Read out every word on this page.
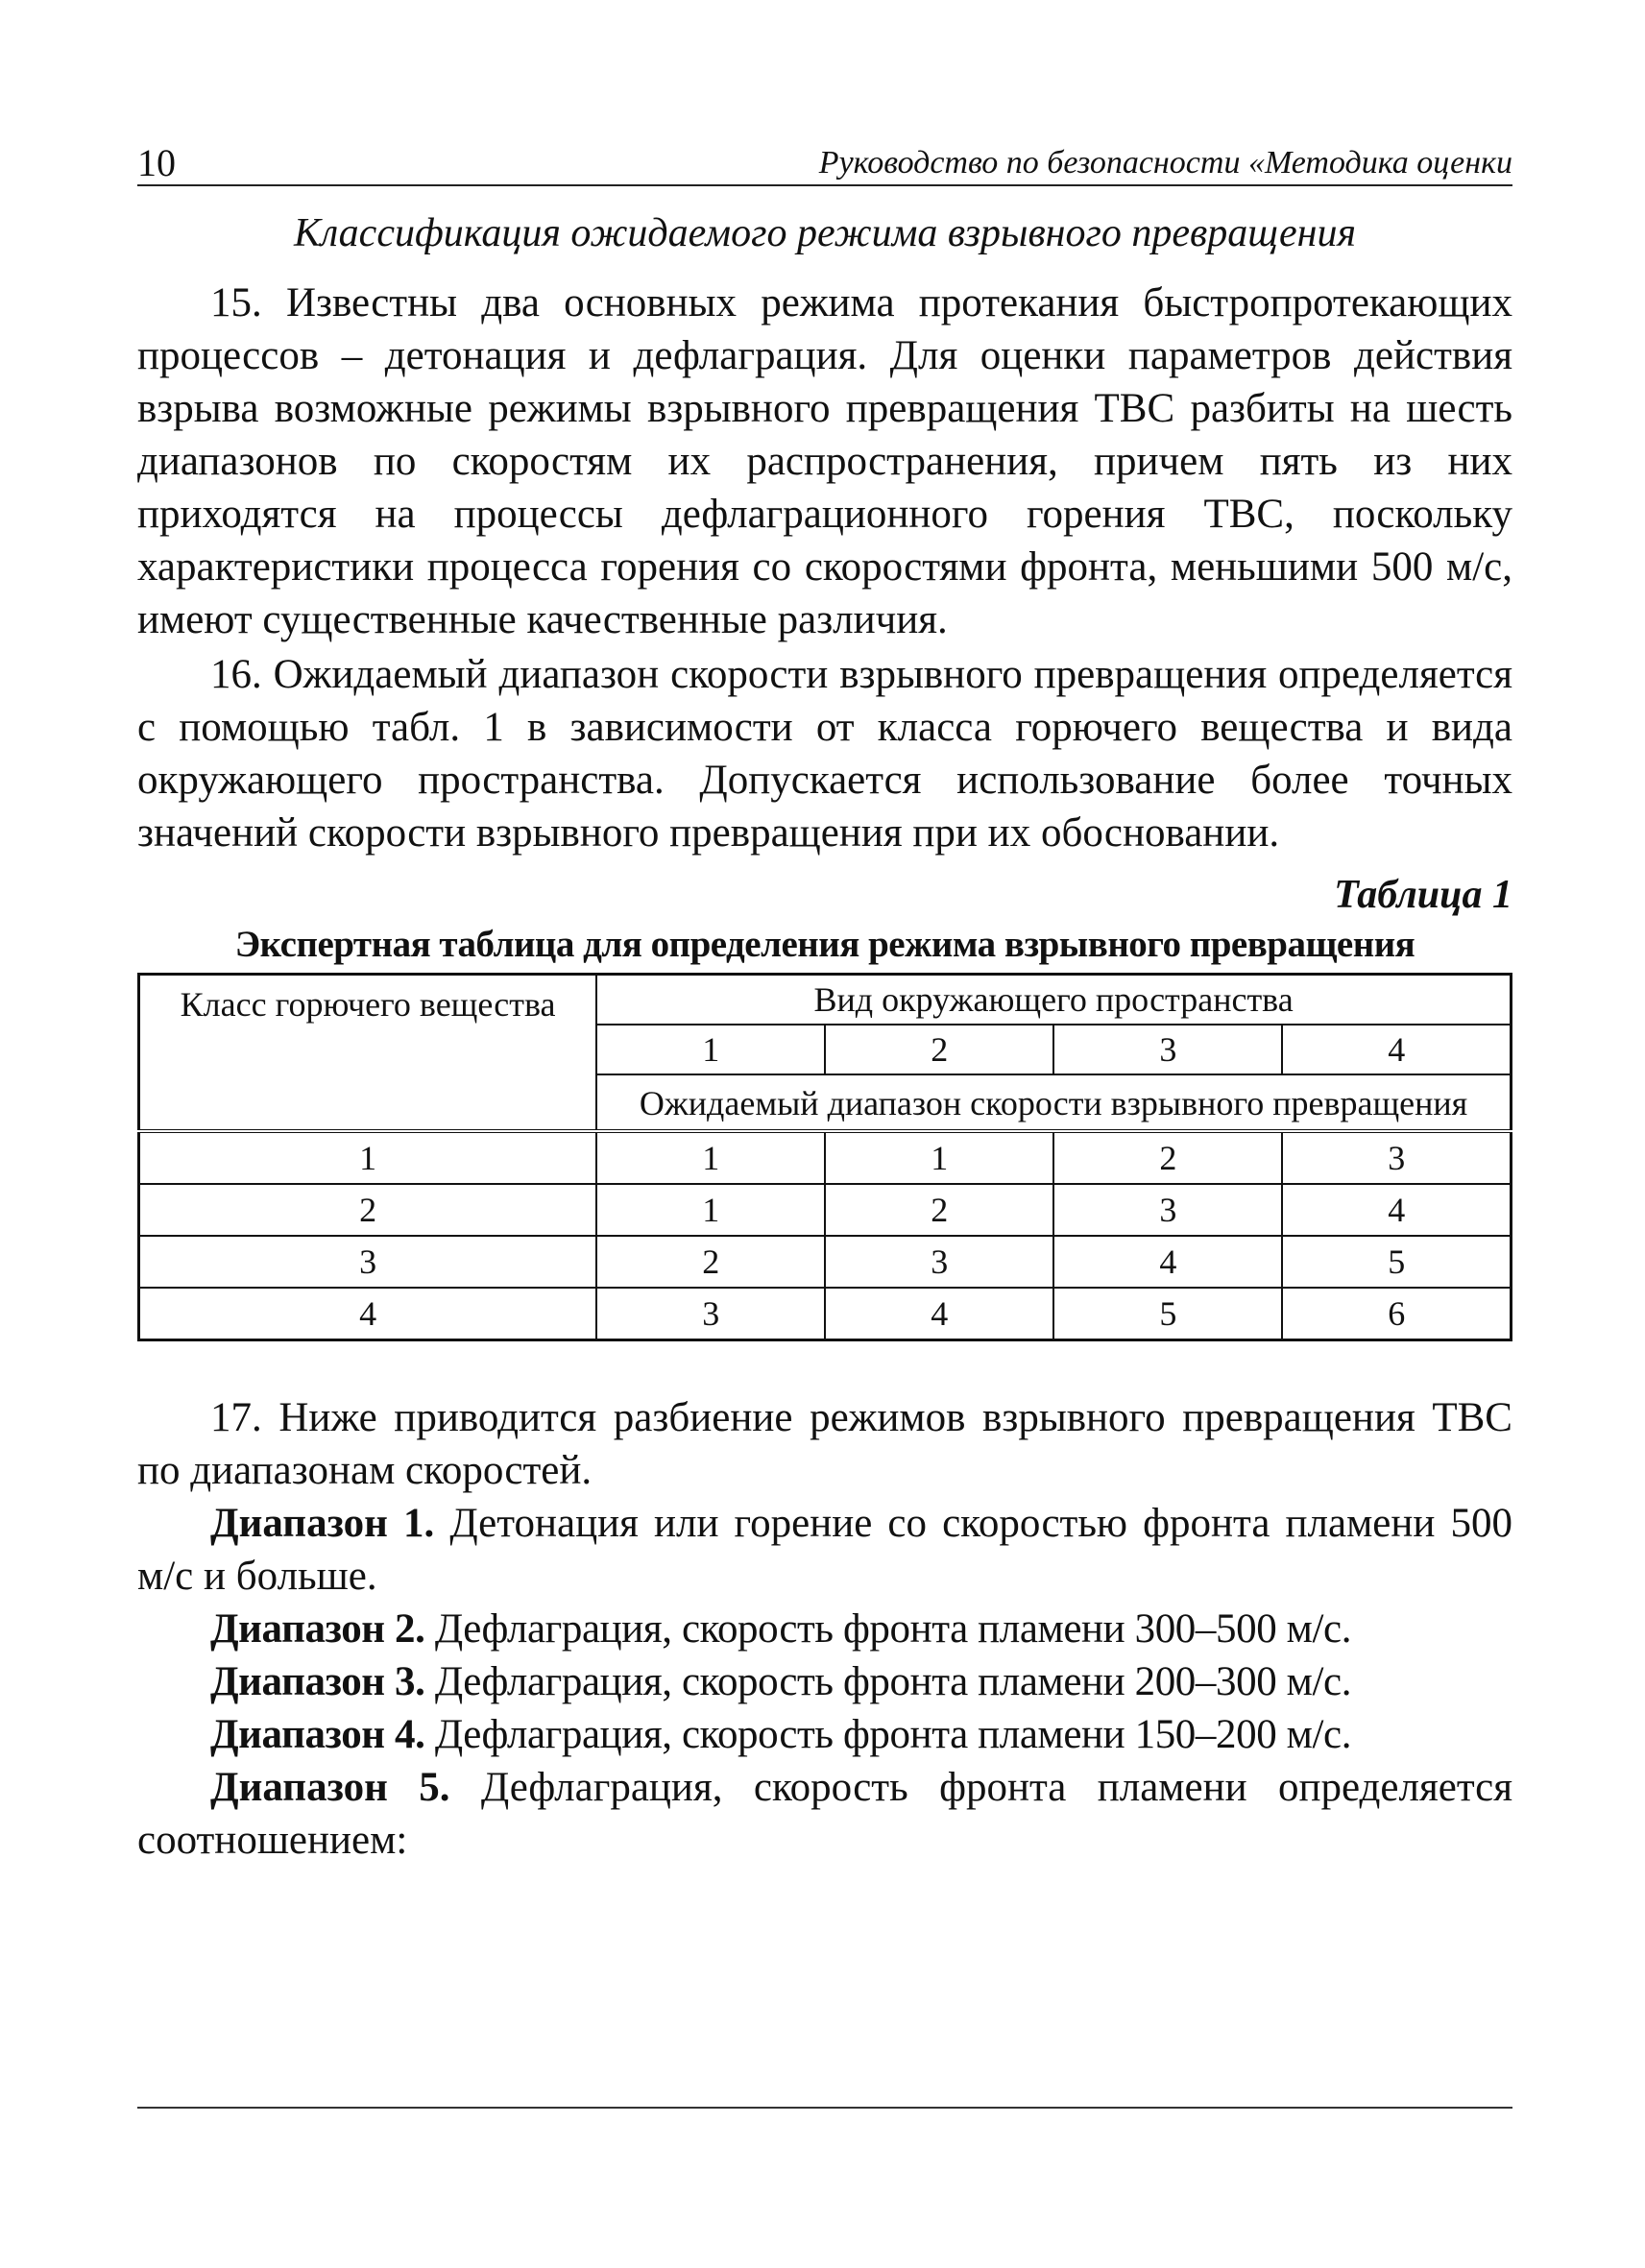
10	Руководство по безопасности «Методика оценки
Классификация ожидаемого режима взрывного превращения

15. Известны два основных режима протекания быстропротекающих процессов – детонация и дефлаграция. Для оценки параметров действия взрыва возможные режимы взрывного превращения ТВС разбиты на шесть диапазонов по скоростям их распространения, причем пять из них приходятся на процессы дефлаграционного горения ТВС, поскольку характеристики процесса горения со скоростями фронта, меньшими 500 м/с, имеют существенные качественные различия.

16. Ожидаемый диапазон скорости взрывного превращения определяется с помощью табл. 1 в зависимости от класса горючего вещества и вида окружающего пространства. Допускается использование более точных значений скорости взрывного превращения при их обосновании.

Таблица 1
Экспертная таблица для определения режима взрывного превращения
Класс горючего вещества	Вид окружающего пространства			
	1	2	3	4
	Ожидаемый диапазон скорости взрывного превращения			
1	1	1	2	3
2	1	2	3	4
3	2	3	4	5
4	3	4	5	6

17. Ниже приводится разбиение режимов взрывного превращения ТВС по диапазонам скоростей.

Диапазон 1. Детонация или горение со скоростью фронта пламени 500 м/с и больше.

Диапазон 2. Дефлаграция, скорость фронта пламени 300–500 м/с.

Диапазон 3. Дефлаграция, скорость фронта пламени 200–300 м/с.

Диапазон 4. Дефлаграция, скорость фронта пламени 150–200 м/с.

Диапазон 5. Дефлаграция, скорость фронта пламени определяется соотношением:
